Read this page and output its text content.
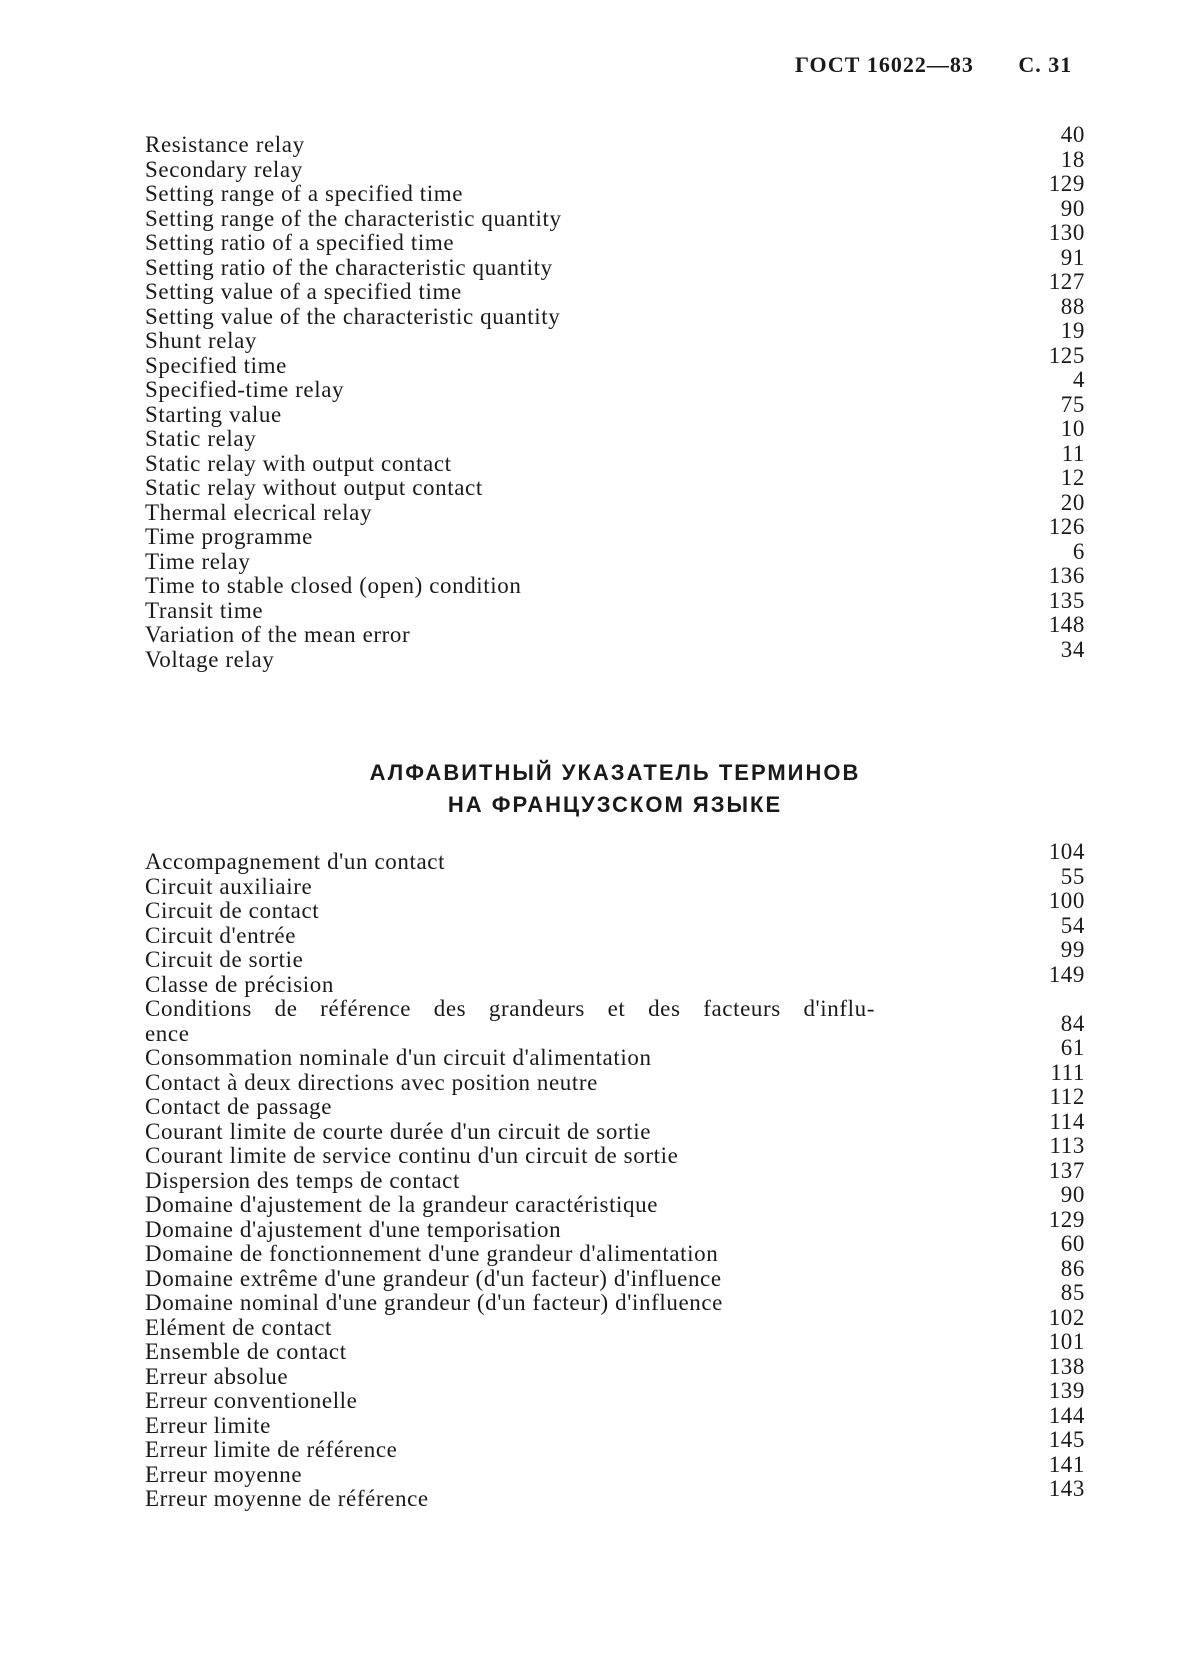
ГОСТ 16022—83 С. 31
Resistance relay	40
Secondary relay	18
Setting range of a specified time	129
Setting range of the characteristic quantity	90
Setting ratio of a specified time	130
Setting ratio of the characteristic quantity	91
Setting value of a specified time	127
Setting value of the characteristic quantity	88
Shunt relay	19
Specified time	125
Specified-time relay	4
Starting value	75
Static relay	10
Static relay with output contact	11
Static relay without output contact	12
Thermal elecrical relay	20
Time programme	126
Time relay	6
Time to stable closed (open) condition	136
Transit time	135
Variation of the mean error	148
Voltage relay	34
АЛФАВИТНЫЙ УКАЗАТЕЛЬ ТЕРМИНОВ
НА ФРАНЦУЗСКОМ ЯЗЫКЕ
Accompagnement d'un contact	104
Circuit auxiliaire	55
Circuit de contact	100
Circuit d'entrée	54
Circuit de sortie	99
Classe de précision	149
Conditions de référence des grandeurs et des facteurs d'influ-
ence	84
Consommation nominale d'un circuit d'alimentation	61
Contact à deux directions avec position neutre	111
Contact de passage	112
Courant limite de courte durée d'un circuit de sortie	114
Courant limite de service continu d'un circuit de sortie	113
Dispersion des temps de contact	137
Domaine d'ajustement de la grandeur caractéristique	90
Domaine d'ajustement d'une temporisation	129
Domaine de fonctionnement d'une grandeur d'alimentation	60
Domaine extrême d'une grandeur (d'un facteur) d'influence	86
Domaine nominal d'une grandeur (d'un facteur) d'influence	85
Elément de contact	102
Ensemble de contact	101
Erreur absolue	138
Erreur conventionelle	139
Erreur limite	144
Erreur limite de référence	145
Erreur moyenne	141
Erreur moyenne de référence	143
